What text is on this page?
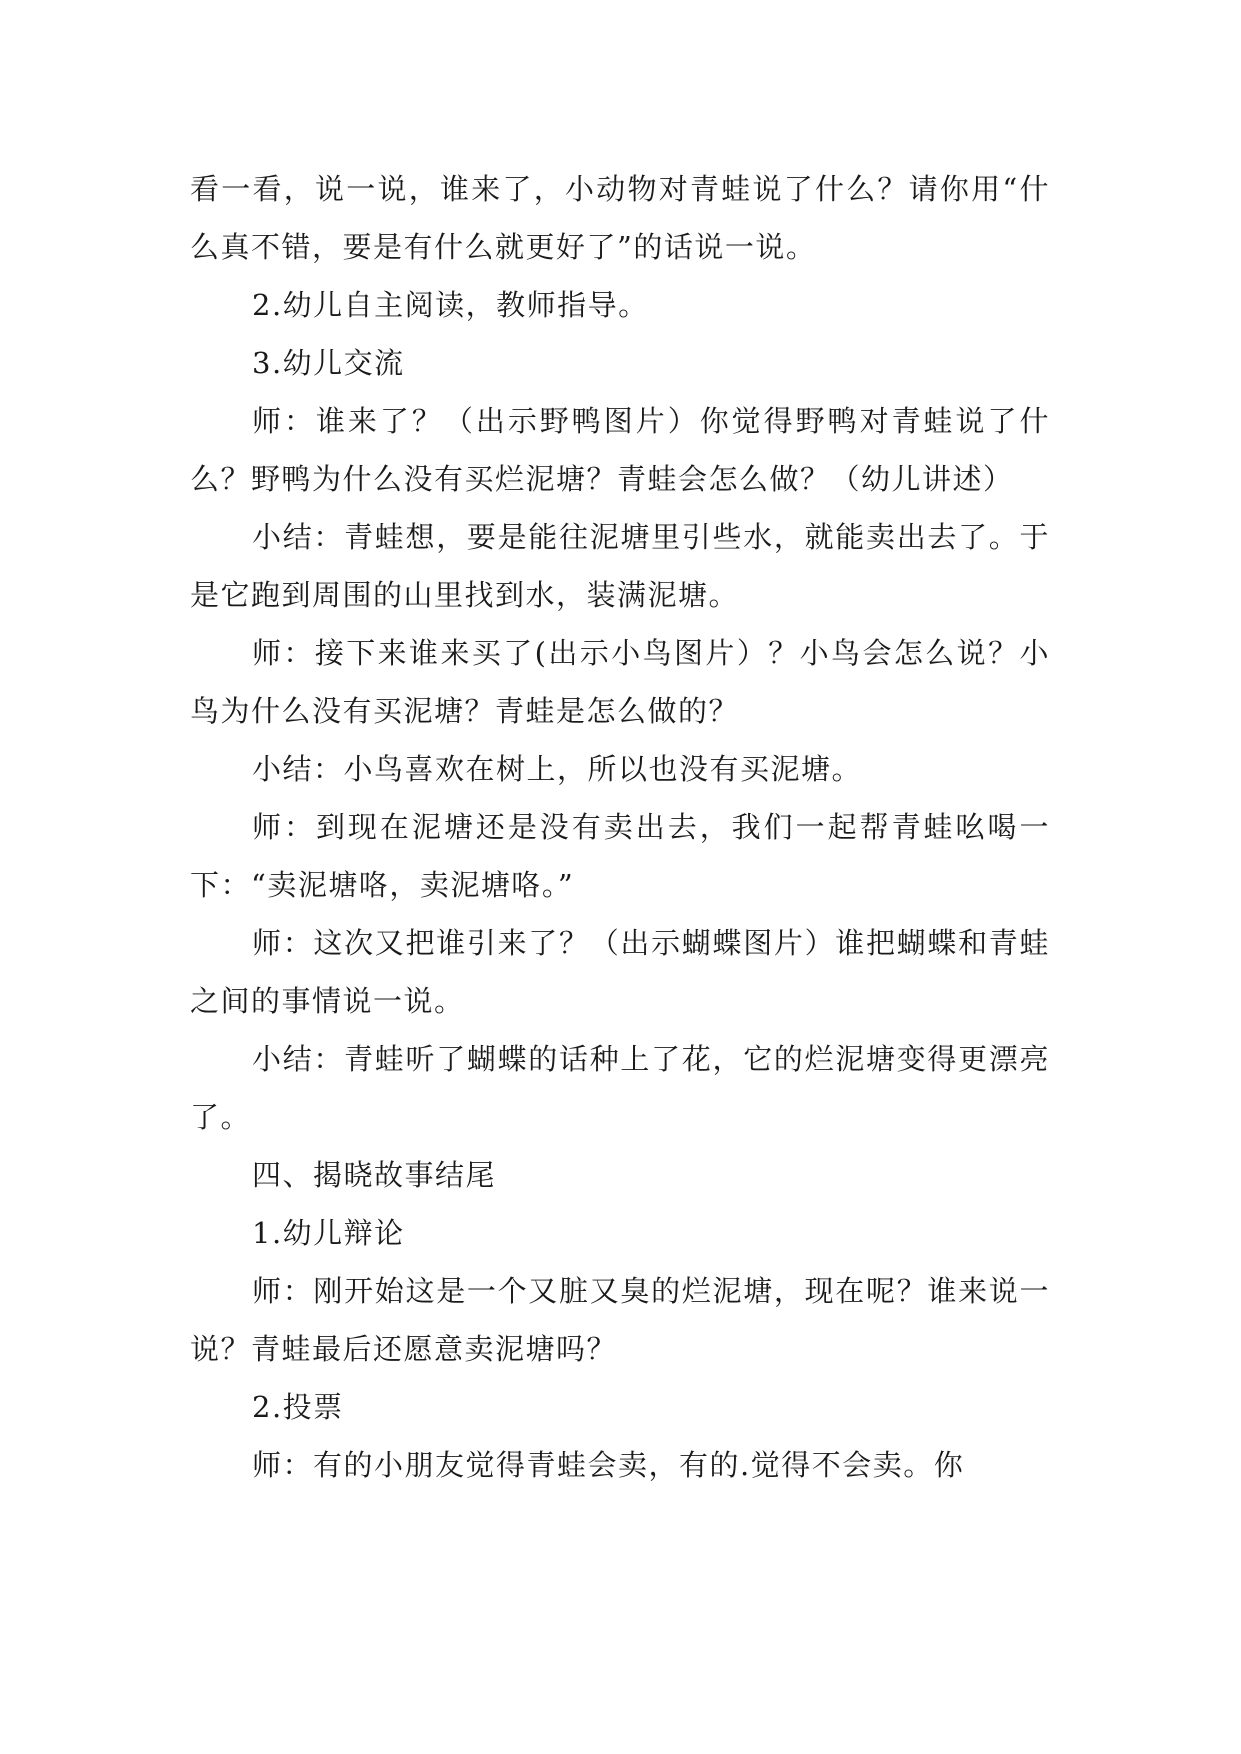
看一看，说一说，谁来了，小动物对青蛙说了什么？请你用“什么真不错，要是有什么就更好了”的话说一说。

2.幼儿自主阅读，教师指导。

3.幼儿交流

师：谁来了？（出示野鸭图片）你觉得野鸭对青蛙说了什么？野鸭为什么没有买烂泥塘？青蛙会怎么做？（幼儿讲述）

小结：青蛙想，要是能往泥塘里引些水，就能卖出去了。于是它跑到周围的山里找到水，装满泥塘。

师：接下来谁来买了(出示小鸟图片）？小鸟会怎么说？小鸟为什么没有买泥塘？青蛙是怎么做的？

小结：小鸟喜欢在树上，所以也没有买泥塘。

师：到现在泥塘还是没有卖出去，我们一起帮青蛙吆喝一下：“卖泥塘咯，卖泥塘咯。”

师：这次又把谁引来了？（出示蝴蝶图片）谁把蝴蝶和青蛙之间的事情说一说。

小结：青蛙听了蝴蝶的话种上了花，它的烂泥塘变得更漂亮了。

四、揭晓故事结尾

1.幼儿辩论

师：刚开始这是一个又脏又臭的烂泥塘，现在呢？谁来说一说？青蛙最后还愿意卖泥塘吗？

2.投票

师：有的小朋友觉得青蛙会卖，有的.觉得不会卖。你
